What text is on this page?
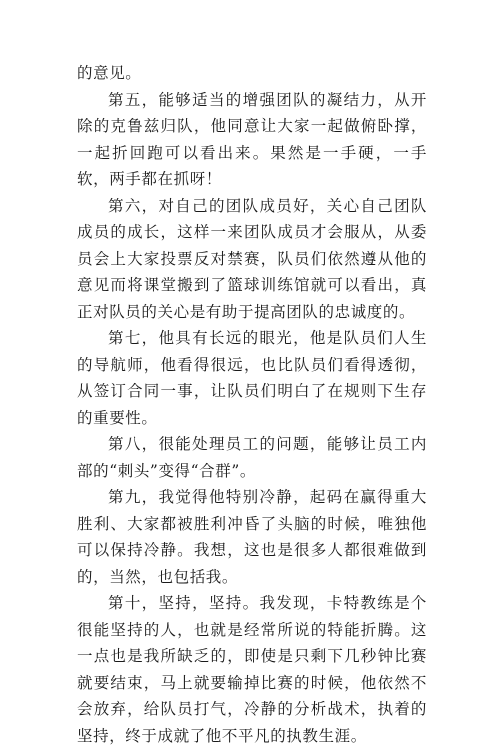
的意见。

第五，能够适当的增强团队的凝结力，从开除的克鲁兹归队，他同意让大家一起做俯卧撑，一起折回跑可以看出来。果然是一手硬，一手软，两手都在抓呀！

第六，对自己的团队成员好，关心自己团队成员的成长，这样一来团队成员才会服从，从委员会上大家投票反对禁赛，队员们依然遵从他的意见而将课堂搬到了篮球训练馆就可以看出，真正对队员的关心是有助于提高团队的忠诚度的。

第七，他具有长远的眼光，他是队员们人生的导航师，他看得很远，也比队员们看得透彻，从签订合同一事，让队员们明白了在规则下生存的重要性。

第八，很能处理员工的问题，能够让员工内部的“刺头”变得“合群”。

第九，我觉得他特别冷静，起码在赢得重大胜利、大家都被胜利冲昏了头脑的时候，唯独他可以保持冷静。我想，这也是很多人都很难做到的，当然，也包括我。

第十，坚持，坚持。我发现，卡特教练是个很能坚持的人，也就是经常所说的特能折腾。这一点也是我所缺乏的，即使是只剩下几秒钟比赛就要结束，马上就要输掉比赛的时候，他依然不会放弃，给队员打气，冷静的分析战术，执着的坚持，终于成就了他不平凡的执教生涯。
